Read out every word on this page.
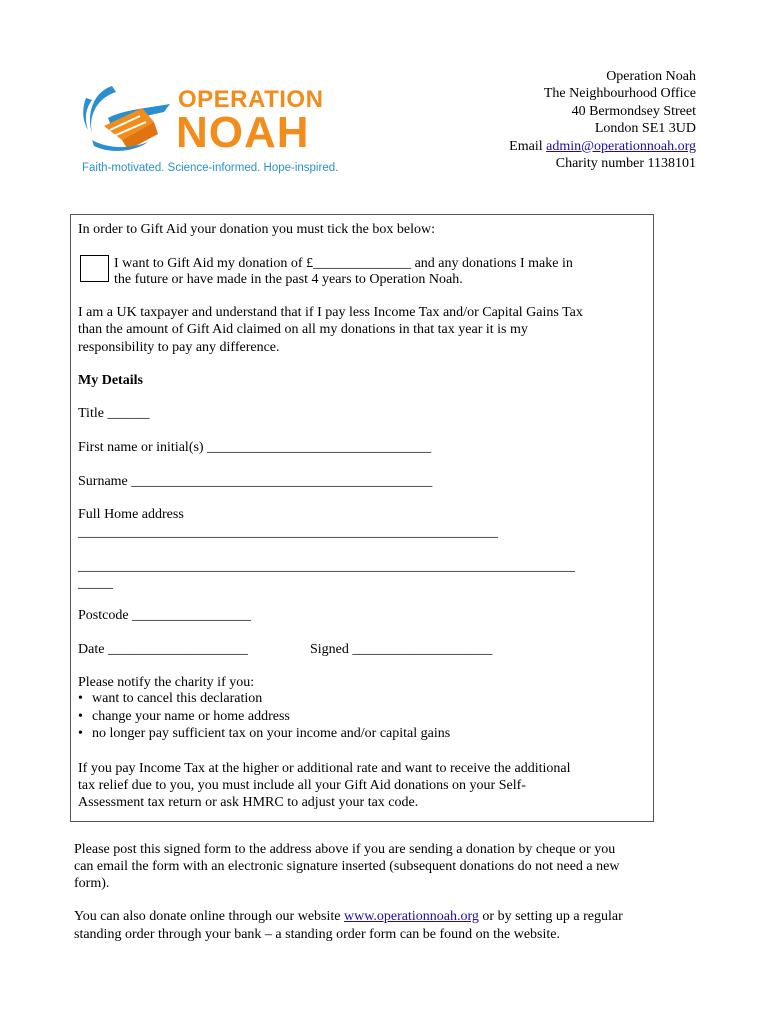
OPERATION
NOAH
Faith-motivated. Science-informed. Hope-inspired.
Operation Noah
The Neighbourhood Office
40 Bermondsey Street
London SE1 3UD
Email admin@operationnoah.org
Charity number 1138101
In order to Gift Aid your donation you must tick the box below:
I want to Gift Aid my donation of £______________ and any donations I make in
the future or have made in the past 4 years to Operation Noah.
I am a UK taxpayer and understand that if I pay less Income Tax and/or Capital Gains Tax
than the amount of Gift Aid claimed on all my donations in that tax year it is my
responsibility to pay any difference.
My Details
Title ______
First name or initial(s) ________________________________
Surname ___________________________________________
Full Home address
____________________________________________________________
_______________________________________________________________________
_____
Postcode _________________
Date ____________________	Signed ____________________
Please notify the charity if you:
• want to cancel this declaration
• change your name or home address
• no longer pay sufficient tax on your income and/or capital gains
If you pay Income Tax at the higher or additional rate and want to receive the additional
tax relief due to you, you must include all your Gift Aid donations on your Self-
Assessment tax return or ask HMRC to adjust your tax code.
Please post this signed form to the address above if you are sending a donation by cheque or you
can email the form with an electronic signature inserted (subsequent donations do not need a new
form).
You can also donate online through our website www.operationnoah.org or by setting up a regular
standing order through your bank – a standing order form can be found on the website.
